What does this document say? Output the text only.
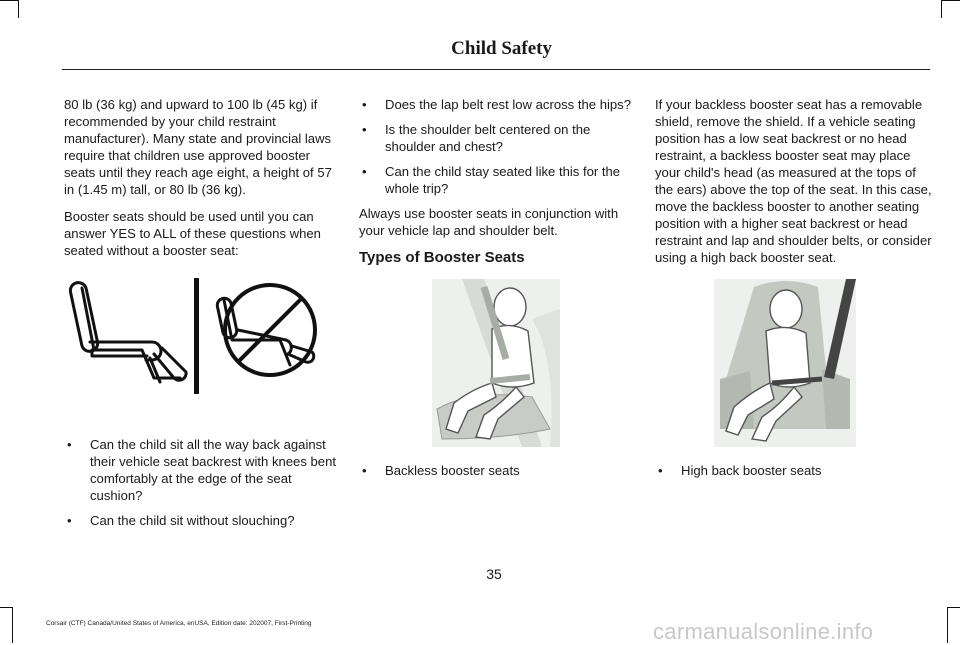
Child Safety

80 lb (36 kg) and upward to 100 lb (45 kg) if recommended by your child restraint manufacturer). Many state and provincial laws require that children use approved booster seats until they reach age eight, a height of 57 in (1.45 m) tall, or 80 lb (36 kg).

Booster seats should be used until you can answer YES to ALL of these questions when seated without a booster seat:

• Can the child sit all the way back against their vehicle seat backrest with knees bent comfortably at the edge of the seat cushion?
• Can the child sit without slouching?
• Does the lap belt rest low across the hips?
• Is the shoulder belt centered on the shoulder and chest?
• Can the child stay seated like this for the whole trip?

Always use booster seats in conjunction with your vehicle lap and shoulder belt.

Types of Booster Seats
• Backless booster seats

If your backless booster seat has a removable shield, remove the shield. If a vehicle seating position has a low seat backrest or no head restraint, a backless booster seat may place your child's head (as measured at the tops of the ears) above the top of the seat. In this case, move the backless booster to another seating position with a higher seat backrest or head restraint and lap and shoulder belts, or consider using a high back booster seat.

• High back booster seats
35
Corsair (CTF) Canada/United States of America, enUSA, Edition date: 202007, First-Printing	carmanualsonline.info
